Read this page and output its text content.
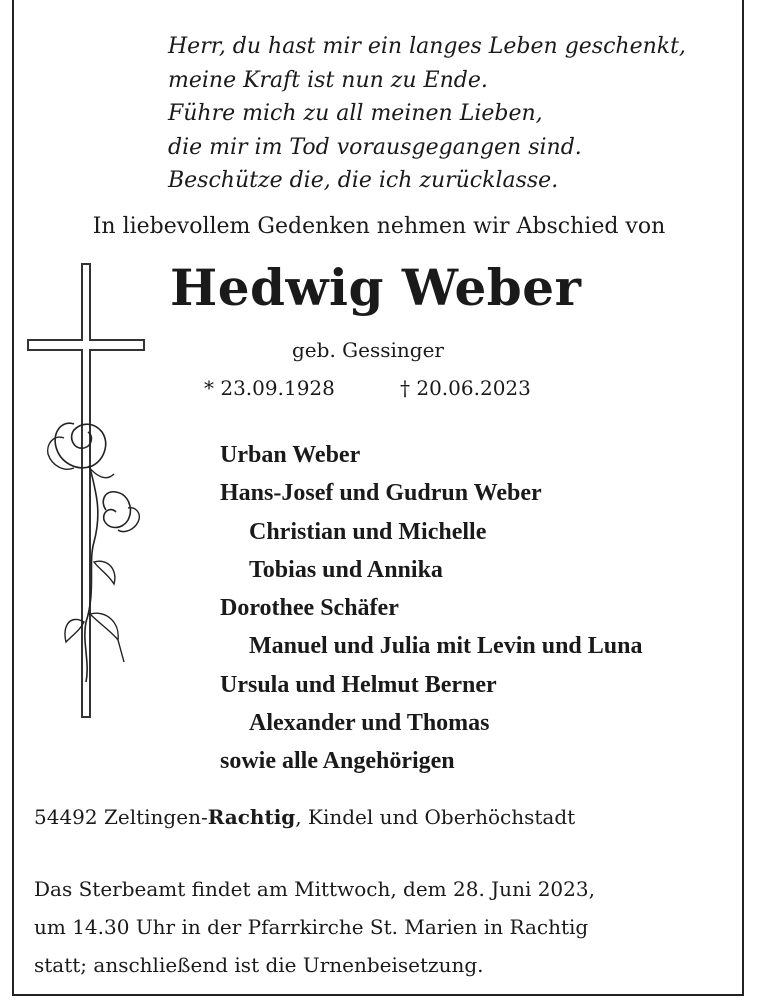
Herr, du hast mir ein langes Leben geschenkt,
meine Kraft ist nun zu Ende.
Führe mich zu all meinen Lieben,
die mir im Tod vorausgegangen sind.
Beschütze die, die ich zurücklasse.
In liebevollem Gedenken nehmen wir Abschied von
Hedwig Weber
geb. Gessinger
* 23.09.1928	† 20.06.2023
Urban Weber
Hans-Josef und Gudrun Weber
Christian und Michelle
Tobias und Annika
Dorothee Schäfer
Manuel und Julia mit Levin und Luna
Ursula und Helmut Berner
Alexander und Thomas
sowie alle Angehörigen
54492 Zeltingen-Rachtig, Kindel und Oberhöchstadt
Das Sterbeamt findet am Mittwoch, dem 28. Juni 2023,
um 14.30 Uhr in der Pfarrkirche St. Marien in Rachtig
statt; anschließend ist die Urnenbeisetzung.
